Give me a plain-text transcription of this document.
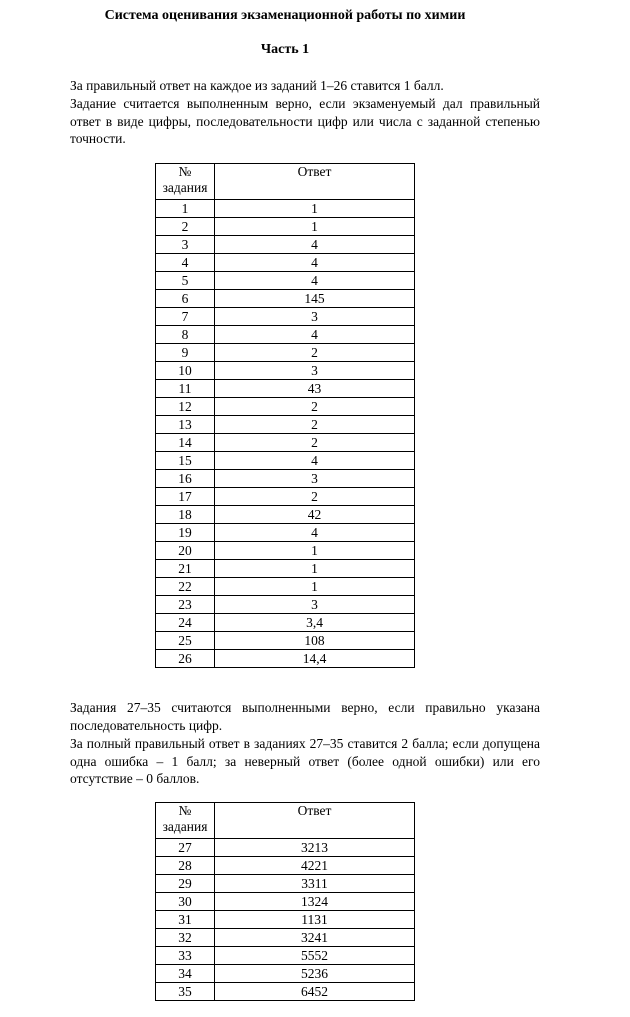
Система оценивания экзаменационной работы по химии
Часть 1
За правильный ответ на каждое из заданий 1–26 ставится 1 балл.
Задание считается выполненным верно, если экзаменуемый дал правильный ответ в виде цифры, последовательности цифр или числа с заданной степенью точности.
№ задания	Ответ
1	1
2	1
3	4
4	4
5	4
6	145
7	3
8	4
9	2
10	3
11	43
12	2
13	2
14	2
15	4
16	3
17	2
18	42
19	4
20	1
21	1
22	1
23	3
24	3,4
25	108
26	14,4
Задания 27–35 считаются выполненными верно, если правильно указана последовательность цифр.
За полный правильный ответ в заданиях 27–35 ставится 2 балла; если допущена одна ошибка – 1 балл; за неверный ответ (более одной ошибки) или его отсутствие – 0 баллов.
№ задания	Ответ
27	3213
28	4221
29	3311
30	1324
31	1131
32	3241
33	5552
34	5236
35	6452
